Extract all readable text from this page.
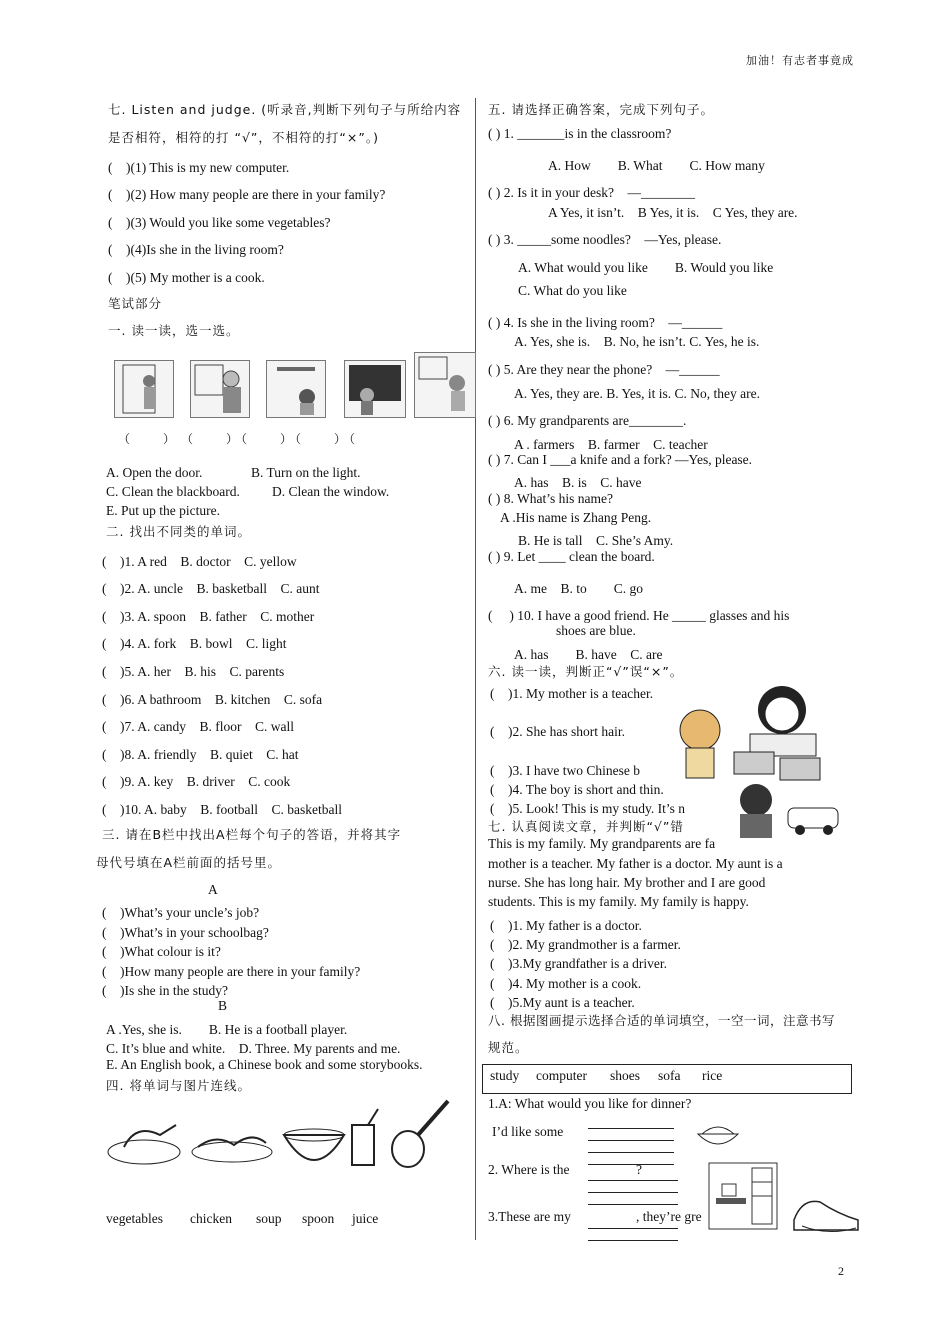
加油！有志者事竟成
七. Listen and judge. (听录音,判断下列句子与所给内容
是否相符，相符的打 “√”，不相符的打“×”。)
(　)(1) This is my new computer.
(　)(2) How many people are there in your family?
(　)(3) Would you like some vegetables?
(　)(4)Is she in the living room?
(　)(5) My mother is a cook.
笔试部分
一. 读一读，选一选。
（　　）　（　　）（　　）（　　）（
A. Open the door.	B. Turn on the light.
C. Clean the blackboard. D. Clean the window.
E. Put up the picture.
二. 找出不同类的单词。
(　)1. A red　B. doctor　C. yellow
(　)2. A. uncle　B. basketball　C. aunt
(　)3. A. spoon　B. father　C. mother
(　)4. A. fork　B. bowl　C. light
(　)5. A. her　B. his　C. parents
(　)6. A bathroom　B. kitchen　C. sofa
(　)7. A. candy　B. floor　C. wall
(　)8. A. friendly　B. quiet　C. hat
(　)9. A. key　B. driver　C. cook
(　)10. A. baby　B. football　C. basketball
三. 请在B栏中找出A栏每个句子的答语，并将其字
母代号填在A栏前面的括号里。
A
(　)What’s your uncle’s job?
(　)What’s in your schoolbag?
(　)What colour is it?
(　)How many people are there in your family?
(　)Is she in the study?
B
A .Yes, she is.　　B. He is a football player.
C. It’s blue and white.　D. Three. My parents and me.
E. An English book, a Chinese book and some storybooks.
四. 将单词与图片连线。
vegetables chicken soup spoon juice
五. 请选择正确答案，完成下列句子。
( ) 1. _______is in the classroom?
A. How　　B. What　　C. How many
( ) 2. Is it in your desk?　—________
A Yes, it isn’t.　B Yes, it is.　C Yes, they are.
( ) 3. _____some noodles?　—Yes, please.
A. What would you like　　B. Would you like
C. What do you like
( ) 4. Is she in the living room?　—______
A. Yes, she is.　B. No, he isn’t. C. Yes, he is.
( ) 5. Are they near the phone?　—______
A. Yes, they are. B. Yes, it is. C. No, they are.
( ) 6. My grandparents are________.
A . farmers　B. farmer　C. teacher
( ) 7. Can I ___a knife and a fork? —Yes, please.
A. has　B. is　C. have
( ) 8. What’s his name?
A .His name is Zhang Peng.
B. He is tall　C. She’s Amy.
( ) 9. Let ____ clean the board.
A. me　B. to　　C. go
(　 ) 10. I have a good friend. He _____ glasses and his
shoes are blue.
A. has　　B. have　C. are
六. 读一读，判断正“√”误“×”。
(　)1. My mother is a teacher.
(　)2. She has short hair.
(　)3. I have two Chinese b
(　)4. The boy is short and thin.
(　)5. Look! This is my study. It’s n
七. 认真阅读文章，并判断“√”错
This is my family. My grandparents are fa
mother is a teacher. My father is a doctor. My aunt is a
nurse. She has long hair. My brother and I are good
students. This is my family. My family is happy.
(　)1. My father is a doctor.
(　)2. My grandmother is a farmer.
(　)3.My grandfather is a driver.
(　)4. My mother is a cook.
(　)5.My aunt is a teacher.
八. 根据图画提示选择合适的单词填空，一空一词，注意书写
规范。
study computer shoes sofa rice
1.A: What would you like for dinner?
I’d like some
2. Where is the	?
3.These are my	, they’re gre
2
